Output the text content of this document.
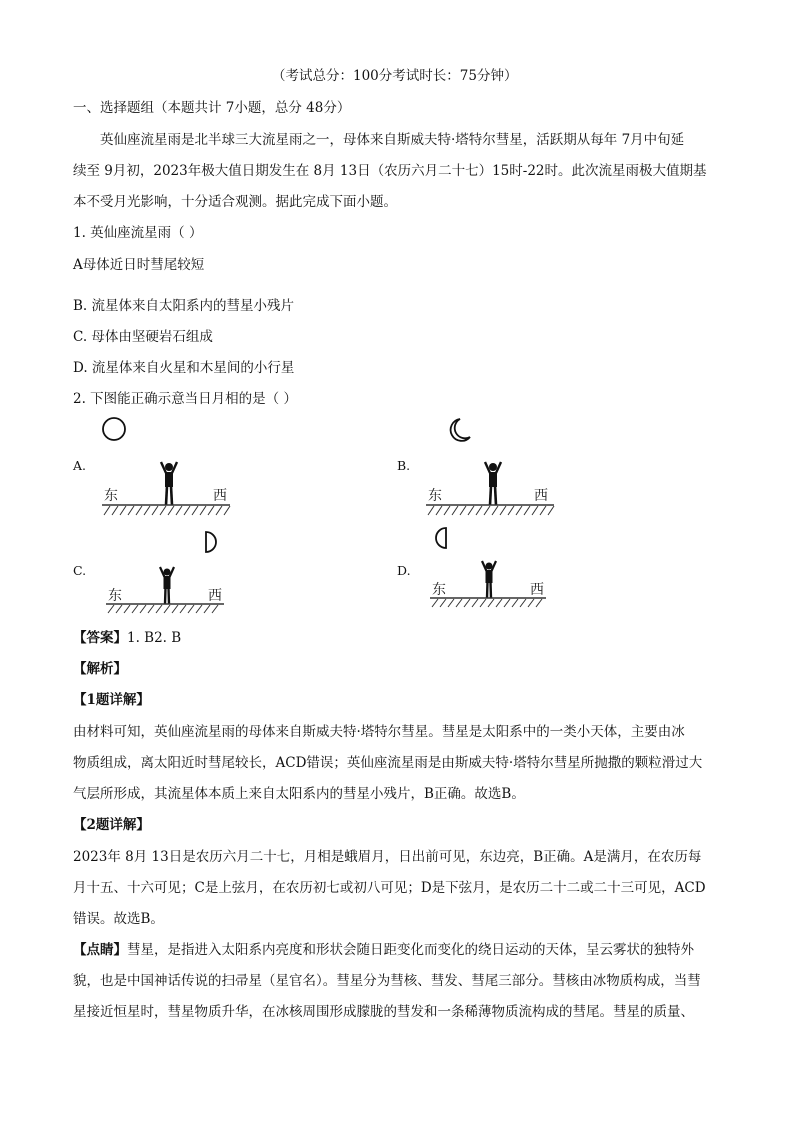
（考试总分：100分考试时长：75分钟）
一、选择题组（本题共计 7小题，总分 48分）
英仙座流星雨是北半球三大流星雨之一，母体来自斯威夫特·塔特尔彗星，活跃期从每年 7月中旬延
续至 9月初，2023年极大值日期发生在 8月 13日（农历六月二十七）15时-22时。此次流星雨极大值期基
本不受月光影响，十分适合观测。据此完成下面小题。
1. 英仙座流星雨（ ）
A母体近日时彗尾较短
B. 流星体来自太阳系内的彗星小残片
C. 母体由坚硬岩石组成
D. 流星体来自火星和木星间的小行星
2. 下图能正确示意当日月相的是（ ）
A.
东	西
B.
东	西
C.
东	西
D.
东	西
【答案】1. B2. B
【解析】
【1题详解】
由材料可知，英仙座流星雨的母体来自斯威夫特·塔特尔彗星。彗星是太阳系中的一类小天体，主要由冰
物质组成，离太阳近时彗尾较长，ACD错误；英仙座流星雨是由斯威夫特·塔特尔彗星所抛撒的颗粒滑过大
气层所形成，其流星体本质上来自太阳系内的彗星小残片，B正确。故选B。
【2题详解】
2023年 8月 13日是农历六月二十七，月相是蛾眉月，日出前可见，东边亮，B正确。A是满月，在农历每
月十五、十六可见；C是上弦月，在农历初七或初八可见；D是下弦月，是农历二十二或二十三可见，ACD
错误。故选B。
【点睛】彗星，是指进入太阳系内亮度和形状会随日距变化而变化的绕日运动的天体，呈云雾状的独特外
貌，也是中国神话传说的扫帚星（星官名）。彗星分为彗核、彗发、彗尾三部分。彗核由冰物质构成，当彗
星接近恒星时，彗星物质升华，在冰核周围形成朦胧的彗发和一条稀薄物质流构成的彗尾。彗星的质量、
